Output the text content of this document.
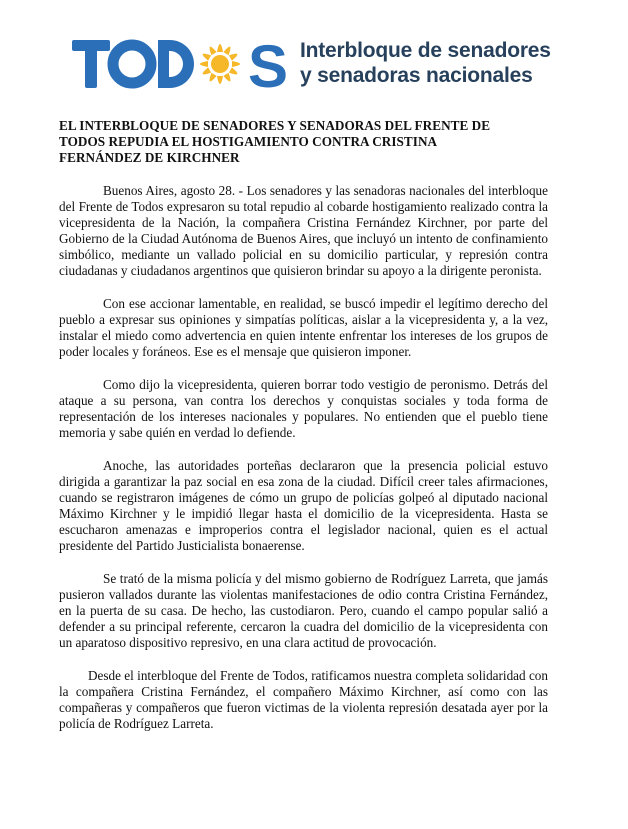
S Interbloque de senadores
y senadoras nacionales
EL INTERBLOQUE DE SENADORES Y SENADORAS DEL FRENTE DE
TODOS REPUDIA EL HOSTIGAMIENTO CONTRA CRISTINA
FERNÁNDEZ DE KIRCHNER

Buenos Aires, agosto 28. - Los senadores y las senadoras nacionales del interbloque del Frente de Todos expresaron su total repudio al cobarde hostigamiento realizado contra la vicepresidenta de la Nación, la compañera Cristina Fernández Kirchner, por parte del Gobierno de la Ciudad Autónoma de Buenos Aires, que incluyó un intento de confinamiento simbólico, mediante un vallado policial en su domicilio particular, y represión contra ciudadanas y ciudadanos argentinos que quisieron brindar su apoyo a la dirigente peronista.

Con ese accionar lamentable, en realidad, se buscó impedir el legítimo derecho del pueblo a expresar sus opiniones y simpatías políticas, aislar a la vicepresidenta y, a la vez, instalar el miedo como advertencia en quien intente enfrentar los intereses de los grupos de poder locales y foráneos. Ese es el mensaje que quisieron imponer.

Como dijo la vicepresidenta, quieren borrar todo vestigio de peronismo. Detrás del ataque a su persona, van contra los derechos y conquistas sociales y toda forma de representación de los intereses nacionales y populares. No entienden que el pueblo tiene memoria y sabe quién en verdad lo defiende.

Anoche, las autoridades porteñas declararon que la presencia policial estuvo dirigida a garantizar la paz social en esa zona de la ciudad. Difícil creer tales afirmaciones, cuando se registraron imágenes de cómo un grupo de policías golpeó al diputado nacional Máximo Kirchner y le impidió llegar hasta el domicilio de la vicepresidenta. Hasta se escucharon amenazas e improperios contra el legislador nacional, quien es el actual presidente del Partido Justicialista bonaerense.

Se trató de la misma policía y del mismo gobierno de Rodríguez Larreta, que jamás pusieron vallados durante las violentas manifestaciones de odio contra Cristina Fernández, en la puerta de su casa. De hecho, las custodiaron. Pero, cuando el campo popular salió a defender a su principal referente, cercaron la cuadra del domicilio de la vicepresidenta con un aparatoso dispositivo represivo, en una clara actitud de provocación.

Desde el interbloque del Frente de Todos, ratificamos nuestra completa solidaridad con la compañera Cristina Fernández, el compañero Máximo Kirchner, así como con las compañeras y compañeros que fueron victimas de la violenta represión desatada ayer por la policía de Rodríguez Larreta.
